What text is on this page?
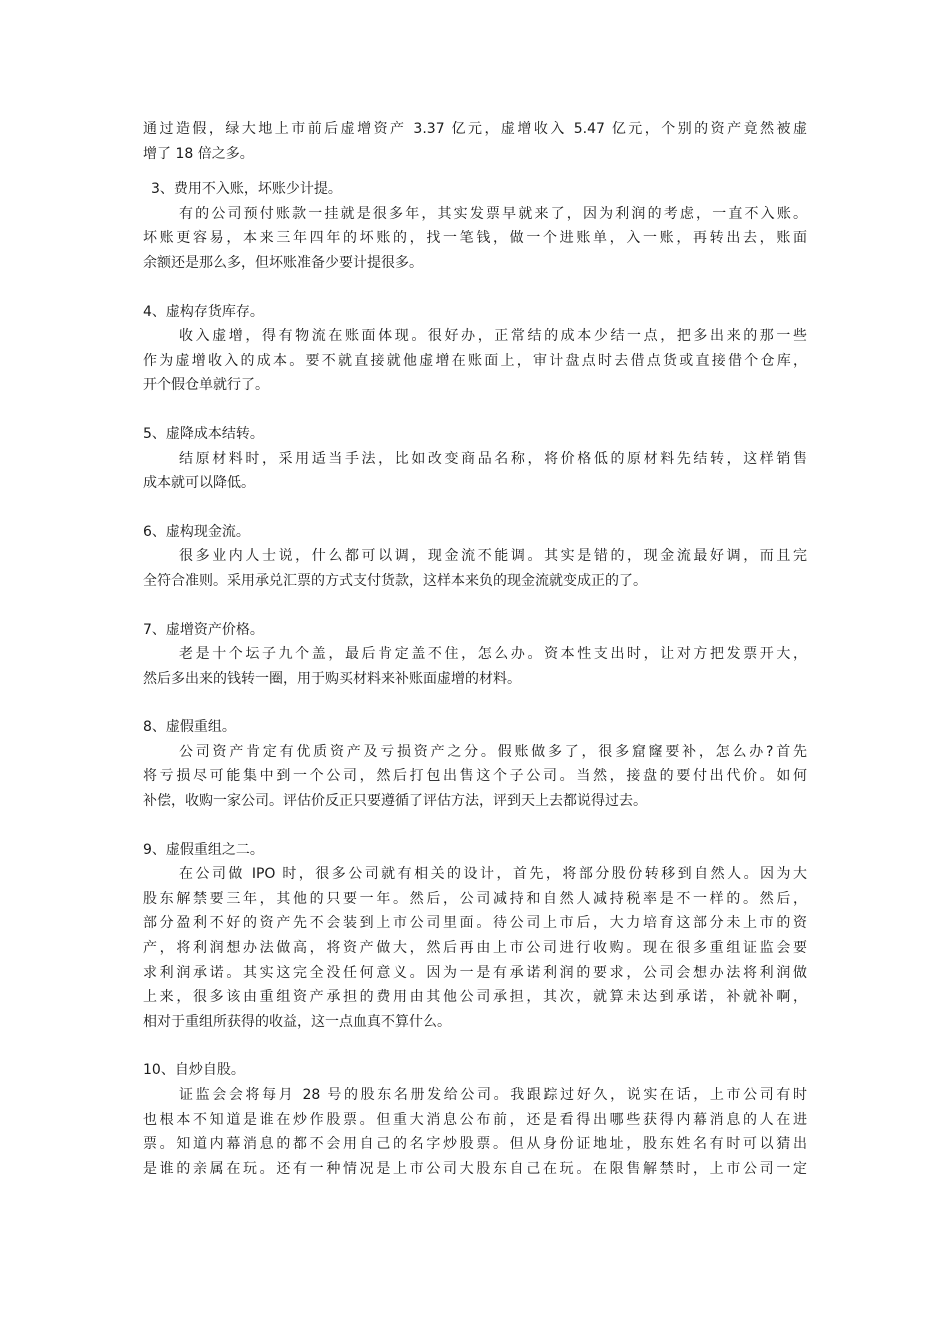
通过造假，绿大地上市前后虚增资产 3.37 亿元，虚增收入 5.47 亿元，个别的资产竟然被虚
增了 18 倍之多。
3、费用不入账，坏账少计提。
有的公司预付账款一挂就是很多年，其实发票早就来了，因为利润的考虑，一直不入账。
坏账更容易，本来三年四年的坏账的，找一笔钱，做一个进账单，入一账，再转出去，账面
余额还是那么多，但坏账准备少要计提很多。
4、虚构存货库存。
收入虚增，得有物流在账面体现。很好办，正常结的成本少结一点，把多出来的那一些
作为虚增收入的成本。要不就直接就他虚增在账面上，审计盘点时去借点货或直接借个仓库，
开个假仓单就行了。
5、虚降成本结转。
结原材料时，采用适当手法，比如改变商品名称，将价格低的原材料先结转，这样销售
成本就可以降低。
6、虚构现金流。
很多业内人士说，什么都可以调，现金流不能调。其实是错的，现金流最好调，而且完
全符合准则。采用承兑汇票的方式支付货款，这样本来负的现金流就变成正的了。
7、虚增资产价格。
老是十个坛子九个盖，最后肯定盖不住，怎么办。资本性支出时，让对方把发票开大，
然后多出来的钱转一圈，用于购买材料来补账面虚增的材料。
8、虚假重组。
公司资产肯定有优质资产及亏损资产之分。假账做多了，很多窟窿要补，怎么办?首先
将亏损尽可能集中到一个公司，然后打包出售这个子公司。当然，接盘的要付出代价。如何
补偿，收购一家公司。评估价反正只要遵循了评估方法，评到天上去都说得过去。
9、虚假重组之二。
在公司做 IPO 时，很多公司就有相关的设计，首先，将部分股份转移到自然人。因为大
股东解禁要三年，其他的只要一年。然后，公司减持和自然人减持税率是不一样的。然后，
部分盈利不好的资产先不会装到上市公司里面。待公司上市后，大力培育这部分未上市的资
产，将利润想办法做高，将资产做大，然后再由上市公司进行收购。现在很多重组证监会要
求利润承诺。其实这完全没任何意义。因为一是有承诺利润的要求，公司会想办法将利润做
上来，很多该由重组资产承担的费用由其他公司承担，其次，就算未达到承诺，补就补啊，
相对于重组所获得的收益，这一点血真不算什么。
10、自炒自股。
证监会会将每月 28 号的股东名册发给公司。我跟踪过好久，说实在话，上市公司有时
也根本不知道是谁在炒作股票。但重大消息公布前，还是看得出哪些获得内幕消息的人在进
票。知道内幕消息的都不会用自己的名字炒股票。但从身份证地址，股东姓名有时可以猜出
是谁的亲属在玩。还有一种情况是上市公司大股东自己在玩。在限售解禁时，上市公司一定
